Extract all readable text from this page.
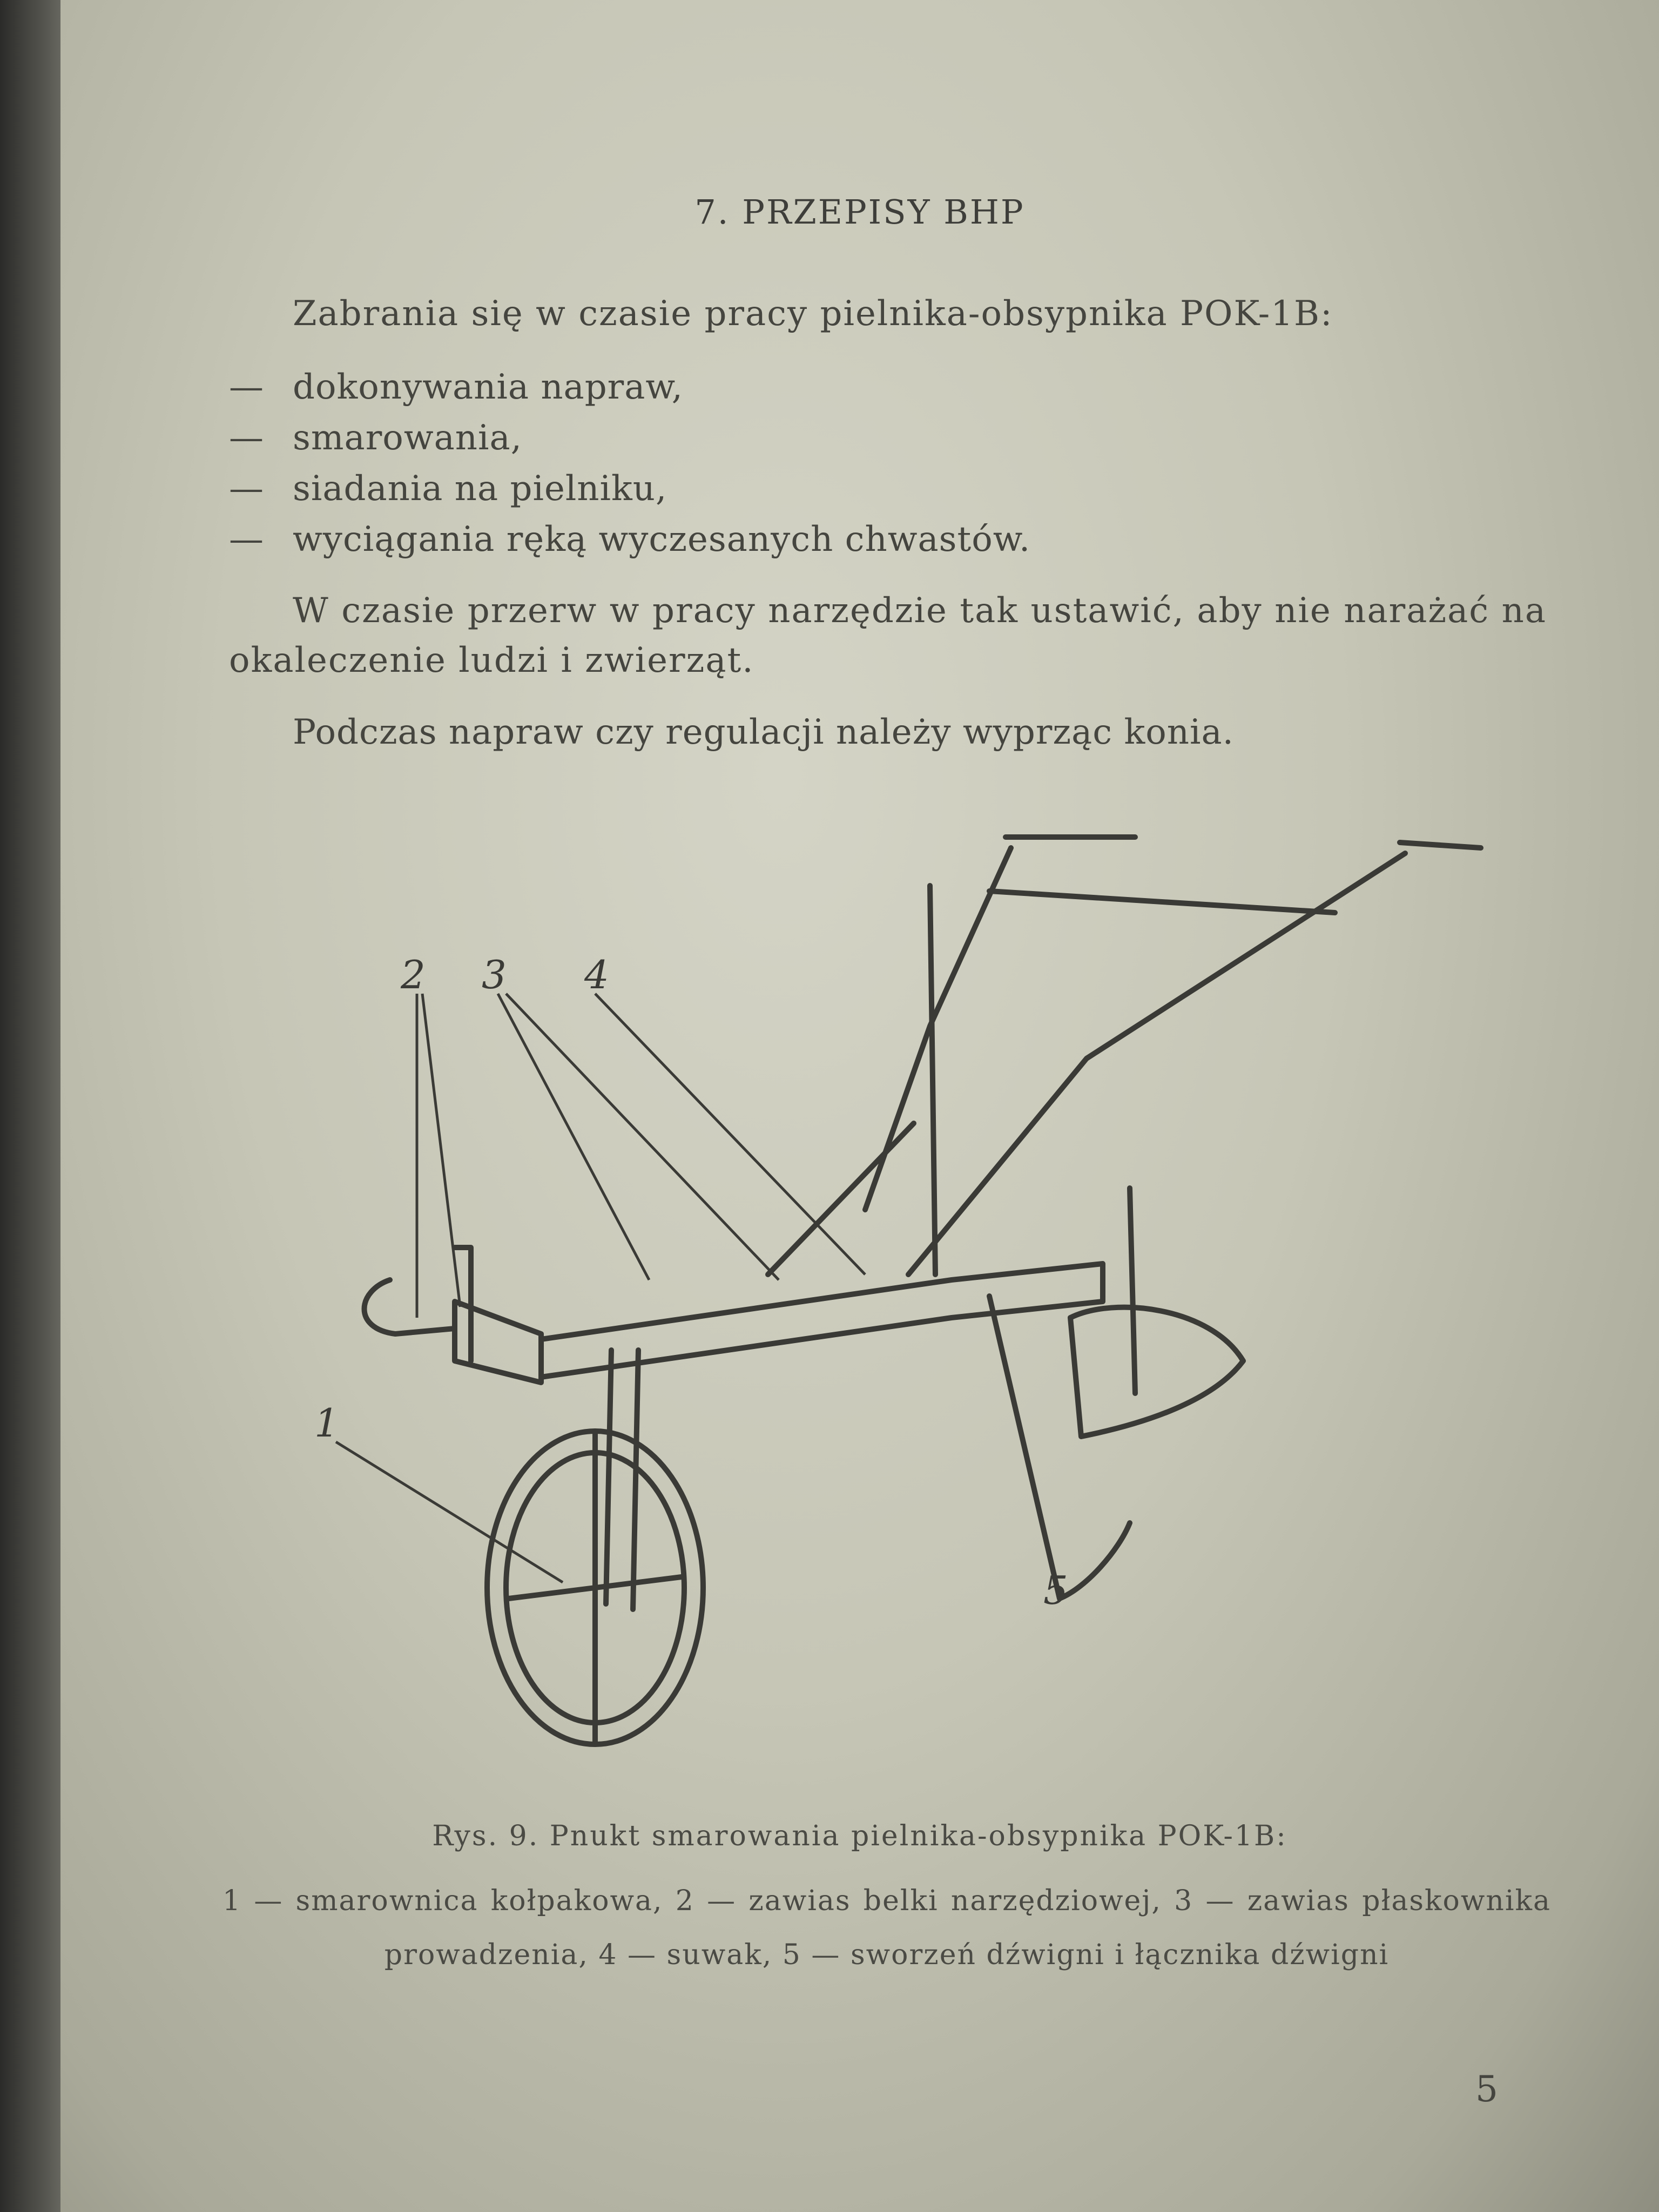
7. PRZEPISY BHP

Zabrania się w czasie pracy pielnika-obsypnika POK-1B:

— dokonywania napraw,
— smarowania,
— siadania na pielniku,
— wyciągania ręką wyczesanych chwastów.

W czasie przerw w pracy narzędzie tak ustawić, aby nie narażać na okaleczenie ludzi i zwierząt.

Podczas napraw czy regulacji należy wyprząc konia.

2 3 4
1
5
Rys. 9. Pnukt smarowania pielnika-obsypnika POK-1B:

1 — smarownica kołpakowa, 2 — zawias belki narzędziowej, 3 — zawias płaskownika prowadzenia, 4 — suwak, 5 — sworzeń dźwigni i łącznika dźwigni

5
